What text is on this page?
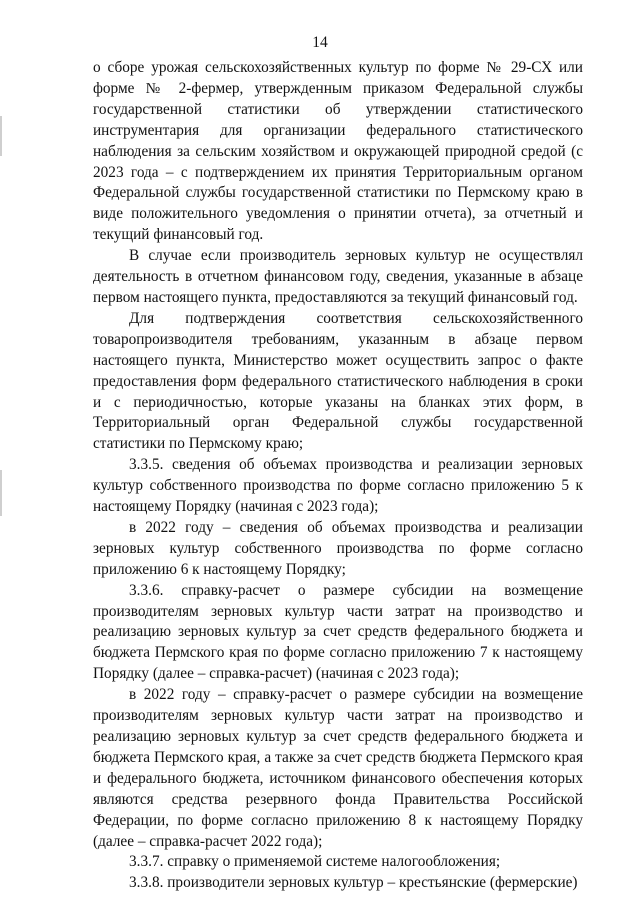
14

о сборе урожая сельскохозяйственных культур по форме № 29-СХ или форме № 2-фермер, утвержденным приказом Федеральной службы государственной статистики об утверждении статистического инструментария для организации федерального статистического наблюдения за сельским хозяйством и окружающей природной средой (с 2023 года – с подтверждением их принятия Территориальным органом Федеральной службы государственной статистики по Пермскому краю в виде положительного уведомления о принятии отчета), за отчетный и текущий финансовый год.

В случае если производитель зерновых культур не осуществлял деятельность в отчетном финансовом году, сведения, указанные в абзаце первом настоящего пункта, предоставляются за текущий финансовый год.

Для подтверждения соответствия сельскохозяйственного товаропроизводителя требованиям, указанным в абзаце первом настоящего пункта, Министерство может осуществить запрос о факте предоставления форм федерального статистического наблюдения в сроки и с периодичностью, которые указаны на бланках этих форм, в Территориальный орган Федеральной службы государственной статистики по Пермскому краю;

3.3.5. сведения об объемах производства и реализации зерновых культур собственного производства по форме согласно приложению 5 к настоящему Порядку (начиная с 2023 года);

в 2022 году – сведения об объемах производства и реализации зерновых культур собственного производства по форме согласно приложению 6 к настоящему Порядку;

3.3.6. справку-расчет о размере субсидии на возмещение производителям зерновых культур части затрат на производство и реализацию зерновых культур за счет средств федерального бюджета и бюджета Пермского края по форме согласно приложению 7 к настоящему Порядку (далее – справка-расчет) (начиная с 2023 года);

в 2022 году – справку-расчет о размере субсидии на возмещение производителям зерновых культур части затрат на производство и реализацию зерновых культур за счет средств федерального бюджета и бюджета Пермского края, а также за счет средств бюджета Пермского края и федерального бюджета, источником финансового обеспечения которых являются средства резервного фонда Правительства Российской Федерации, по форме согласно приложению 8 к настоящему Порядку (далее – справка-расчет 2022 года);

3.3.7. справку о применяемой системе налогообложения;

3.3.8. производители зерновых культур – крестьянские (фермерские)
